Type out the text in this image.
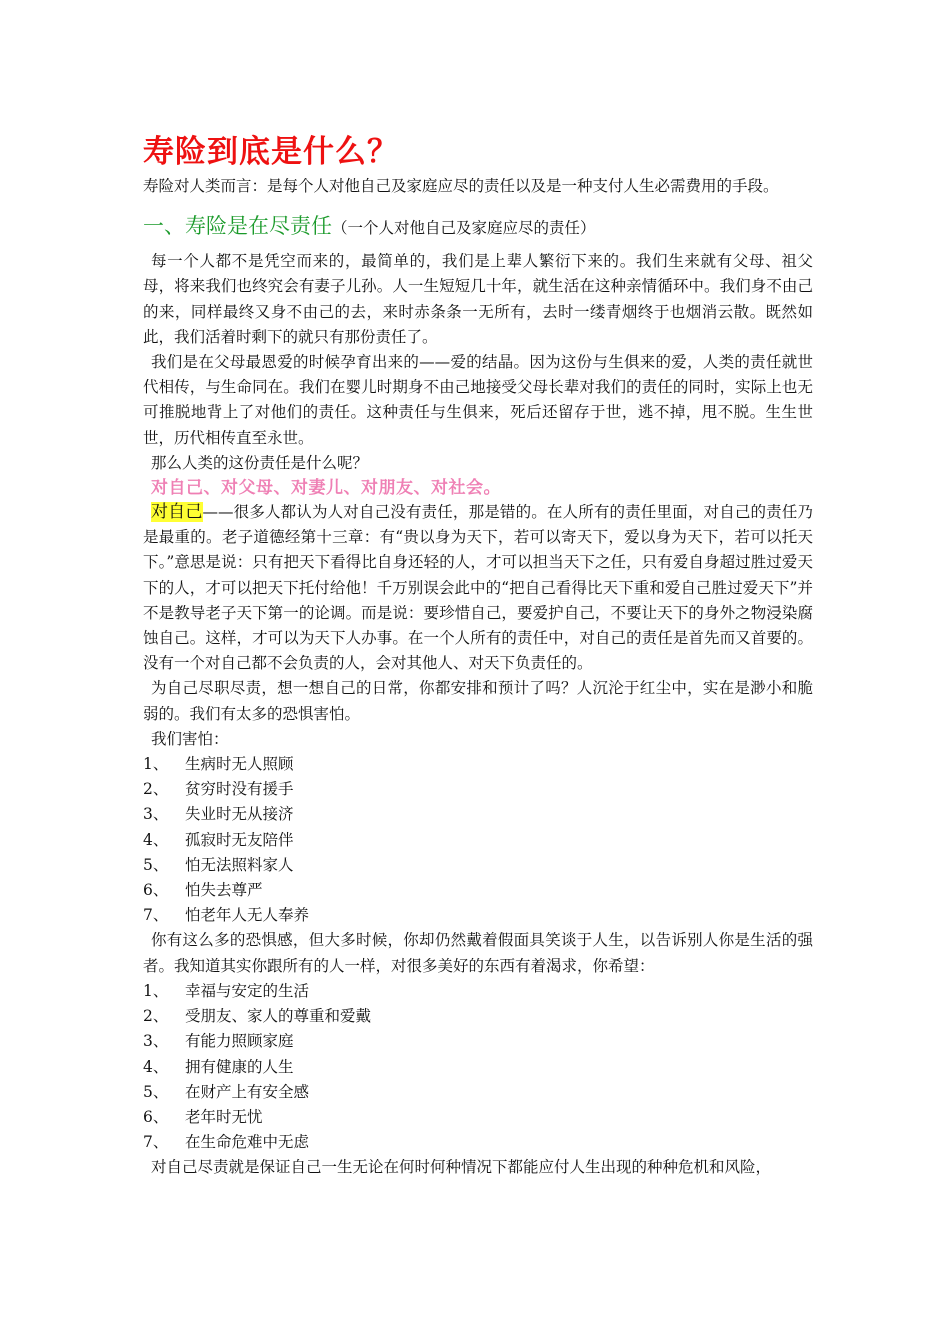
寿险到底是什么？

寿险对人类而言：是每个人对他自己及家庭应尽的责任以及是一种支付人生必需费用的手段。

一、寿险是在尽责任（一个人对他自己及家庭应尽的责任）

每一个人都不是凭空而来的，最简单的，我们是上辈人繁衍下来的。我们生来就有父母、祖父母，将来我们也终究会有妻子儿孙。人一生短短几十年，就生活在这种亲情循环中。我们身不由己的来，同样最终又身不由己的去，来时赤条条一无所有，去时一缕青烟终于也烟消云散。既然如此，我们活着时剩下的就只有那份责任了。

我们是在父母最恩爱的时候孕育出来的——爱的结晶。因为这份与生俱来的爱，人类的责任就世代相传，与生命同在。我们在婴儿时期身不由己地接受父母长辈对我们的责任的同时，实际上也无可推脱地背上了对他们的责任。这种责任与生俱来，死后还留存于世，逃不掉，甩不脱。生生世世，历代相传直至永世。

那么人类的这份责任是什么呢？

对自己、对父母、对妻儿、对朋友、对社会。

对自己——很多人都认为人对自己没有责任，那是错的。在人所有的责任里面，对自己的责任乃是最重的。老子道德经第十三章：有“贵以身为天下，若可以寄天下，爱以身为天下，若可以托天下。”意思是说：只有把天下看得比自身还轻的人，才可以担当天下之任，只有爱自身超过胜过爱天下的人，才可以把天下托付给他！千万别误会此中的“把自己看得比天下重和爱自己胜过爱天下”并不是教导老子天下第一的论调。而是说：要珍惜自己，要爱护自己，不要让天下的身外之物浸染腐蚀自己。这样，才可以为天下人办事。在一个人所有的责任中，对自己的责任是首先而又首要的。没有一个对自己都不会负责的人，会对其他人、对天下负责任的。

为自己尽职尽责，想一想自己的日常，你都安排和预计了吗？人沉沦于红尘中，实在是渺小和脆弱的。我们有太多的恐惧害怕。

我们害怕：

1、	生病时无人照顾
2、	贫穷时没有援手
3、	失业时无从接济
4、	孤寂时无友陪伴
5、	怕无法照料家人
6、	怕失去尊严
7、	怕老年人无人奉养

你有这么多的恐惧感，但大多时候，你却仍然戴着假面具笑谈于人生，以告诉别人你是生活的强者。我知道其实你跟所有的人一样，对很多美好的东西有着渴求，你希望：

1、	幸福与安定的生活
2、	受朋友、家人的尊重和爱戴
3、	有能力照顾家庭
4、	拥有健康的人生
5、	在财产上有安全感
6、	老年时无忧
7、	在生命危难中无虑

对自己尽责就是保证自己一生无论在何时何种情况下都能应付人生出现的种种危机和风险，
